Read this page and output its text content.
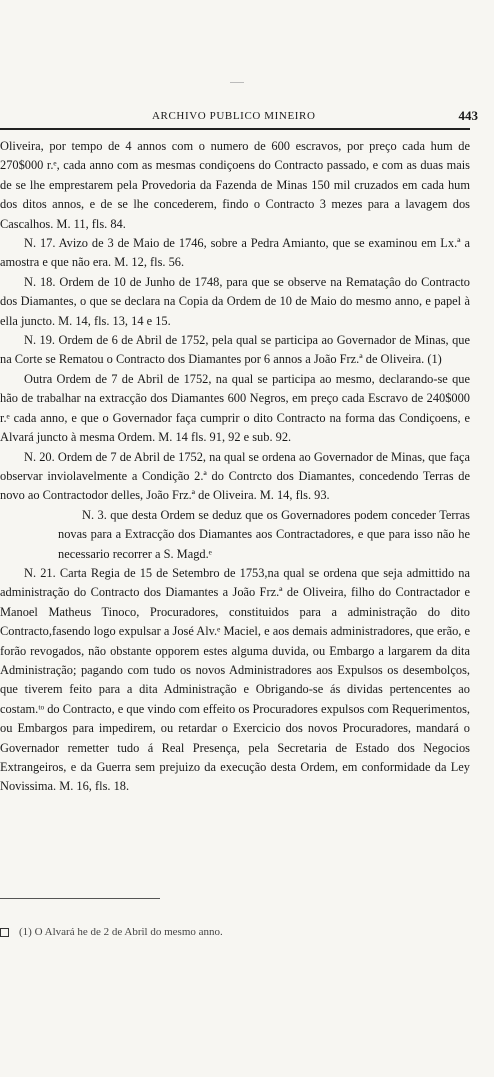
ARCHIVO PUBLICO MINEIRO	443

Oliveira, por tempo de 4 annos com o numero de 600 escravos, por preço cada hum de 270$000 r.ᵉ, cada anno com as mesmas condiçoens do Contracto passado, e com as duas mais de se lhe emprestarem pela Provedoria da Fazenda de Minas 150 mil cruzados em cada hum dos ditos annos, e de se lhe concederem, findo o Contracto 3 mezes para a lavagem dos Cascalhos. M. 11, fls. 84.

N. 17. Avizo de 3 de Maio de 1746, sobre a Pedra Amianto, que se examinou em Lx.ª a amostra e que não era. M. 12, fls. 56.

N. 18. Ordem de 10 de Junho de 1748, para que se observe na Remataçâo do Contracto dos Diamantes, o que se declara na Copia da Ordem de 10 de Maio do mesmo anno, e papel à ella juncto. M. 14, fls. 13, 14 e 15.

N. 19. Ordem de 6 de Abril de 1752, pela qual se participa ao Governador de Minas, que na Corte se Rematou o Contracto dos Diamantes por 6 annos a João Frz.ª de Oliveira. (1)

Outra Ordem de 7 de Abril de 1752, na qual se participa ao mesmo, declarando-se que hão de trabalhar na extracção dos Diamantes 600 Negros, em preço cada Escravo de 240$000 r.ᵉ cada anno, e que o Governador faça cumprir o dito Contracto na forma das Condiçoens, e Alvará juncto à mesma Ordem. M. 14 fls. 91, 92 e sub. 92.

N. 20. Ordem de 7 de Abril de 1752, na qual se ordena ao Governador de Minas, que faça observar inviolavelmente a Condição 2.ª do Contrcto dos Diamantes, concedendo Terras de novo ao Contractodor delles, João Frz.ª de Oliveira. M. 14, fls. 93.

N. 3. que desta Ordem se deduz que os Governadores podem conceder Terras novas para a Extracção dos Diamantes aos Contractadores, e que para isso não he necessario recorrer a S. Magd.ᵉ

N. 21. Carta Regia de 15 de Setembro de 1753,na qual se ordena que seja admittido na administração do Contracto dos Diamantes a João Frz.ª de Oliveira, filho do Contractador e Manoel Matheus Tinoco, Procuradores, constituidos para a administração do dito Contracto,fasendo logo expulsar a José Alv.ᵉ Maciel, e aos demais administradores, que erão, e forão revogados, não obstante opporem estes alguma duvida, ou Embargo a largarem da dita Administração; pagando com tudo os novos Administradores aos Expulsos os desembolços, que tiverem feito para a dita Administração e Obrigando-se ás dividas pertencentes ao costam.ᵗᵒ do Contracto, e que vindo com effeito os Procuradores expulsos com Requerimentos, ou Embargos para impedirem, ou retardar o Exercicio dos novos Procuradores, mandará o Governador remetter tudo á Real Presença, pela Secretaria de Estado dos Negocios Extrangeiros, e da Guerra sem prejuizo da execução desta Ordem, em conformidade da Ley Novissima. M. 16, fls. 18.

(1) O Alvará he de 2 de Abril do mesmo anno.
